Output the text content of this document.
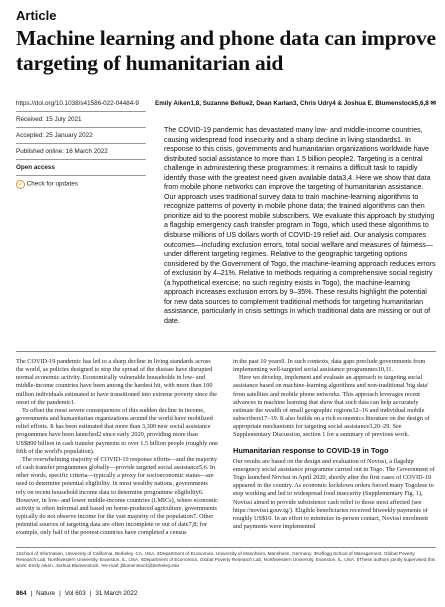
Article
Machine learning and phone data can improve targeting of humanitarian aid
https://doi.org/10.1038/s41586-022-04484-9
Received: 15 July 2021
Accepted: 25 January 2022
Published online: 16 March 2022
Open access
✓ Check for updates
Emily Aiken1,8, Suzanne Bellue2, Dean Karlan3, Chris Udry4 & Joshua E. Blumenstock5,6,8 ✉
The COVID-19 pandemic has devastated many low- and middle-income countries, causing widespread food insecurity and a sharp decline in living standards1. In response to this crisis, governments and humanitarian organizations worldwide have distributed social assistance to more than 1.5 billion people2. Targeting is a central challenge in administering these programmes: it remains a difficult task to rapidly identify those with the greatest need given available data3,4. Here we show that data from mobile phone networks can improve the targeting of humanitarian assistance. Our approach uses traditional survey data to train machine-learning algorithms to recognize patterns of poverty in mobile phone data; the trained algorithms can then prioritize aid to the poorest mobile subscribers. We evaluate this approach by studying a flagship emergency cash transfer program in Togo, which used these algorithms to disburse millions of US dollars worth of COVID-19 relief aid. Our analysis compares outcomes—including exclusion errors, total social welfare and measures of fairness—under different targeting regimes. Relative to the geographic targeting options considered by the Government of Togo, the machine-learning approach reduces errors of exclusion by 4–21%. Relative to methods requiring a comprehensive social registry (a hypothetical exercise; no such registry exists in Togo), the machine-learning approach increases exclusion errors by 9–35%. These results highlight the potential for new data sources to complement traditional methods for targeting humanitarian assistance, particularly in crisis settings in which traditional data are missing or out of date.

The COVID-19 pandemic has led to a sharp decline in living standards across the world, as policies designed to stop the spread of the disease have disrupted normal economic activity. Economically vulnerable households in low- and middle-income countries have been among the hardest hit, with more than 100 million individuals estimated to have transitioned into extreme poverty since the onset of the pandemic1.

To offset the most severe consequences of this sudden decline in income, governments and humanitarian organizations around the world have mobilized relief efforts. It has been estimated that more than 3,300 new social assistance programmes have been launched2 since early 2020, providing more than US$800 billion in cash transfer payments to over 1.5 billion people (roughly one fifth of the world's population).

The overwhelming majority of COVID-19 response efforts—and the majority of cash transfer programmes globally—provide targeted social assistance5,6. In other words, specific criteria—typically a proxy for socioeconomic status—are used to determine potential eligibility. In most wealthy nations, governments rely on recent household income data to determine programme eligibility6. However, in low- and lower middle-income countries (LMICs), where economic activity is often informal and based on home-produced agriculture, governments typically do not observe income for the vast majority of the population7. Other potential sources of targeting data are often incomplete or out of date7,8; for example, only half of the poorest countries have completed a census

in the past 10 years9. In such contexts, data gaps preclude governments from implementing well-targeted social assistance programmes10,11.

Here we develop, implement and evaluate an approach to targeting social assistance based on machine-learning algorithms and non-traditional 'big data' from satellites and mobile phone networks. This approach leverages recent advances in machine learning that show that such data can help accurately estimate the wealth of small geographic regions12–16 and individual mobile subscribers17–19. It also builds on a rich economics literature on the design of appropriate mechanisms for targeting social assistance3,20–29. See Supplementary Discussion, section 1 for a summary of previous work.

Humanitarian response to COVID-19 in Togo

Our results are based on the design and evaluation of Novissi, a flagship emergency social assistance programme carried out in Togo. The Government of Togo launched Novissi in April 2020, shortly after the first cases of COVID-19 appeared in the country. As economic lockdown orders forced many Togolese to stop working and led to widespread food insecurity (Supplementary Fig. 1), Novissi aimed to provide subsistence cash relief to those most affected (see https://novissi.gouv.tg/). Eligible beneficiaries received biweekly payments of roughly US$10. In an effort to minimize in-person contact, Novissi enrolment and payments were implemented

1School of Information, University of California, Berkeley, CA, USA. 2Department of Economics, University of Mannheim, Mannheim, Germany. 3Kellogg School of Management, Global Poverty Research Lab, Northwestern University, Evanston, IL, USA. 4Department of Economics, Global Poverty Research Lab, Northwestern University, Evanston, IL, USA. 5These authors jointly supervised this work: Emily Aiken, Joshua Blumenstock. ✉e-mail: jblumenstock@berkeley.edu
864 | Nature | Vol 603 | 31 March 2022
